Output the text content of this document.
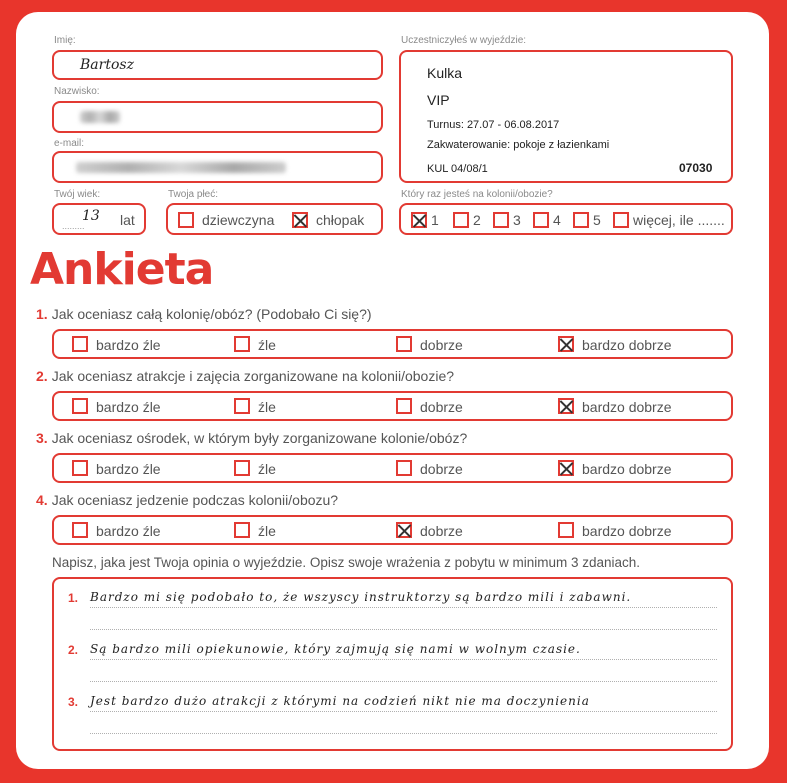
Imię:
Bartosz
Nazwisko:
e-mail:
Twój wiek:
.........
13 lat
Twoja płeć:
dziewczyna	chłopak
Uczestniczyłeś w wyjeździe:
Kulka
VIP
Turnus: 27.07 - 06.08.2017
Zakwaterowanie: pokoje z łazienkami
KUL 04/08/1	07030
Który raz jesteś na kolonii/obozie?
1 2 3 4 5 więcej, ile .......
Ankieta
1. Jak oceniasz całą kolonię/obóz? (Podobało Ci się?)
bardzo źle	źle	dobrze	bardzo dobrze
2. Jak oceniasz atrakcje i zajęcia zorganizowane na kolonii/obozie?
bardzo źle	źle	dobrze	bardzo dobrze
3. Jak oceniasz ośrodek, w którym były zorganizowane kolonie/obóz?
bardzo źle	źle	dobrze	bardzo dobrze
4. Jak oceniasz jedzenie podczas kolonii/obozu?
bardzo źle	źle	dobrze	bardzo dobrze
Napisz, jaka jest Twoja opinia o wyjeździe. Opisz swoje wrażenia z pobytu w minimum 3 zdaniach.
1. Bardzo mi się podobało to, że wszyscy instruktorzy są bardzo mili i zabawni.
2. Są bardzo mili opiekunowie, który zajmują się nami w wolnym czasie.
3. Jest bardzo dużo atrakcji z którymi na codzień nikt nie ma doczynienia
